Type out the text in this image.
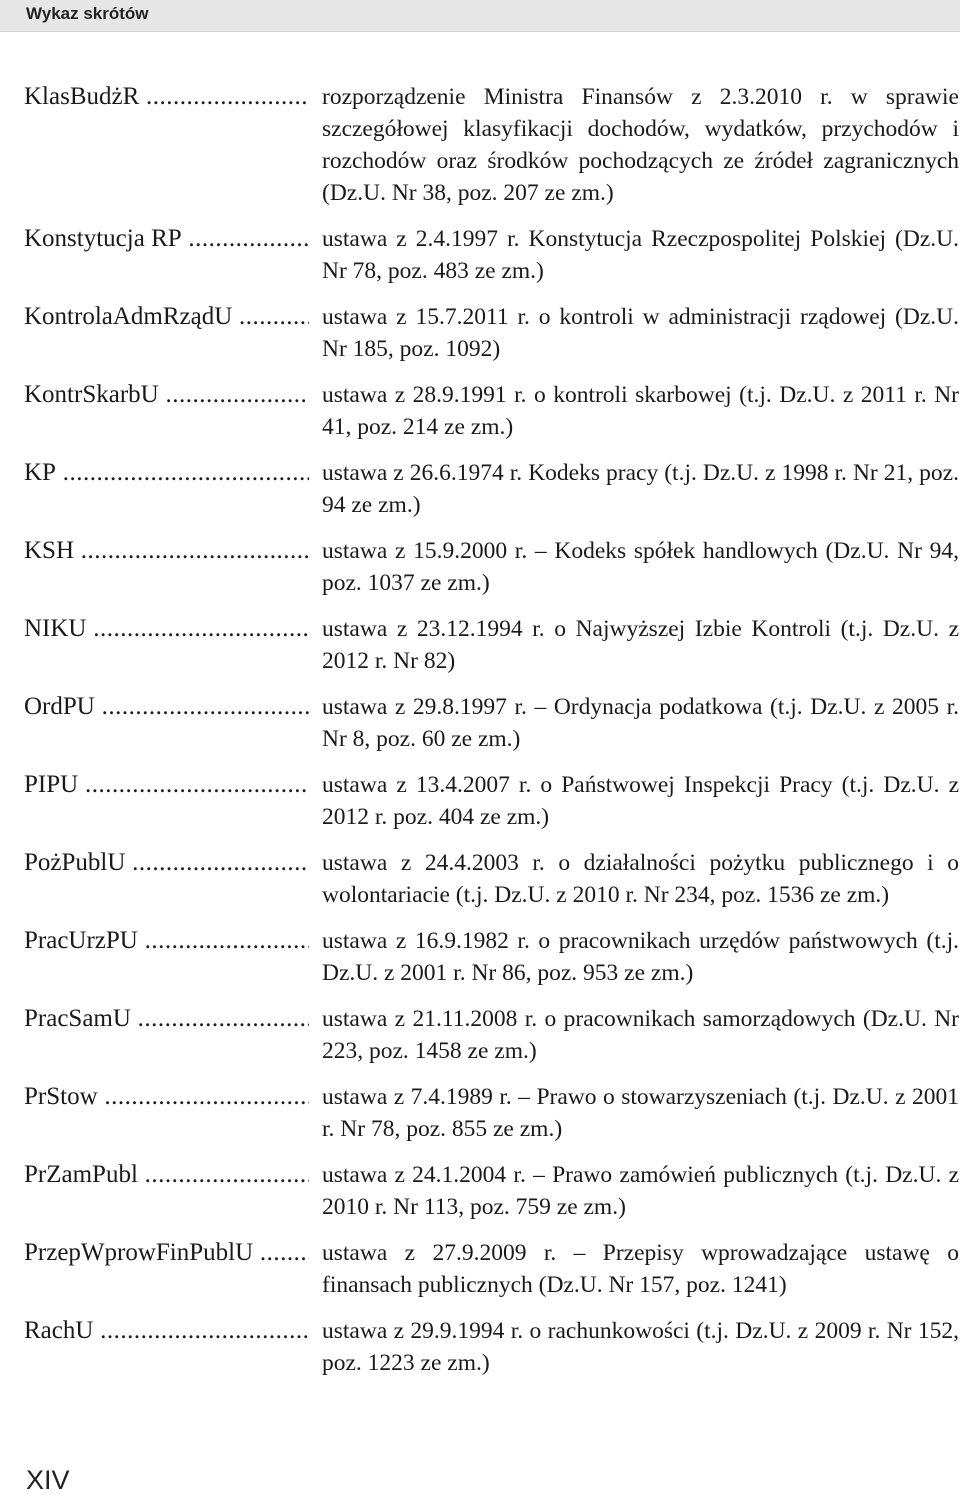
Wykaz skrótów
KlasBudżR .....	rozporządzenie Ministra Finansów z 2.3.2010 r. w sprawie szczegółowej klasyfikacji dochodów, wydatków, przychodów i rozchodów oraz środków pochodzących ze źródeł zagranicznych (Dz.U. Nr 38, poz. 207 ze zm.)
Konstytucja RP .....	ustawa z 2.4.1997 r. Konstytucja Rzeczpospolitej Polskiej (Dz.U. Nr 78, poz. 483 ze zm.)
KontrolaAdmRządU .....	ustawa z 15.7.2011 r. o kontroli w administracji rządowej (Dz.U. Nr 185, poz. 1092)
KontrSkarbU .....	ustawa z 28.9.1991 r. o kontroli skarbowej (t.j. Dz.U. z 2011 r. Nr 41, poz. 214 ze zm.)
KP .....	ustawa z 26.6.1974 r. Kodeks pracy (t.j. Dz.U. z 1998 r. Nr 21, poz. 94 ze zm.)
KSH .....	ustawa z 15.9.2000 r. – Kodeks spółek handlowych (Dz.U. Nr 94, poz. 1037 ze zm.)
NIKU .....	ustawa z 23.12.1994 r. o Najwyższej Izbie Kontroli (t.j. Dz.U. z 2012 r. Nr 82)
OrdPU .....	ustawa z 29.8.1997 r. – Ordynacja podatkowa (t.j. Dz.U. z 2005 r. Nr 8, poz. 60 ze zm.)
PIPU .....	ustawa z 13.4.2007 r. o Państwowej Inspekcji Pracy (t.j. Dz.U. z 2012 r. poz. 404 ze zm.)
PożPublU .....	ustawa z 24.4.2003 r. o działalności pożytku publicznego i o wolontariacie (t.j. Dz.U. z 2010 r. Nr 234, poz. 1536 ze zm.)
PracUrzPU .....	ustawa z 16.9.1982 r. o pracownikach urzędów państwowych (t.j. Dz.U. z 2001 r. Nr 86, poz. 953 ze zm.)
PracSamU .....	ustawa z 21.11.2008 r. o pracownikach samorządowych (Dz.U. Nr 223, poz. 1458 ze zm.)
PrStow .....	ustawa z 7.4.1989 r. – Prawo o stowarzyszeniach (t.j. Dz.U. z 2001 r. Nr 78, poz. 855 ze zm.)
PrZamPubl .....	ustawa z 24.1.2004 r. – Prawo zamówień publicznych (t.j. Dz.U. z 2010 r. Nr 113, poz. 759 ze zm.)
PrzepWprowFinPublU .....	ustawa z 27.9.2009 r. – Przepisy wprowadzające ustawę o finansach publicznych (Dz.U. Nr 157, poz. 1241)
RachU .....	ustawa z 29.9.1994 r. o rachunkowości (t.j. Dz.U. z 2009 r. Nr 152, poz. 1223 ze zm.)
XIV
